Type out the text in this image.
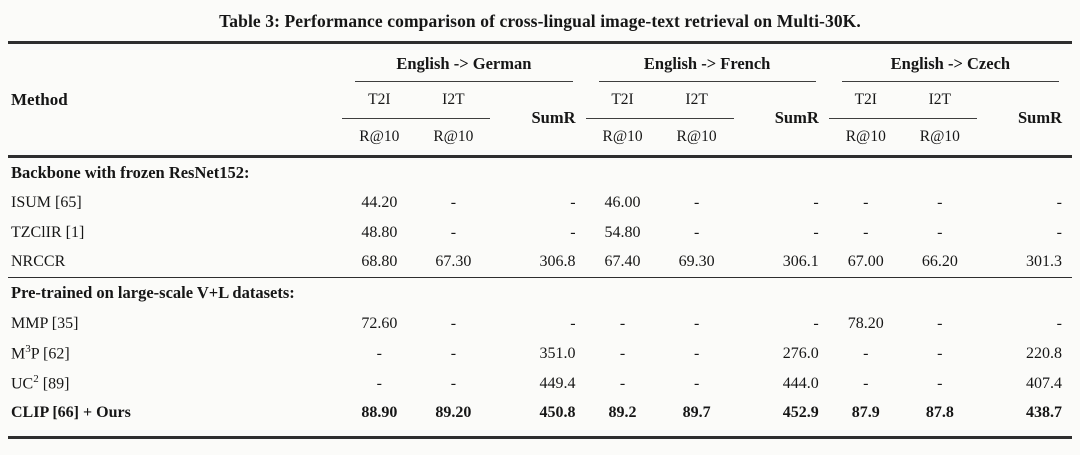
Table 3: Performance comparison of cross-lingual image-text retrieval on Multi-30K.
Method	English -> German			English -> French			English -> Czech		

	T2I	I2T	SumR	T2I	I2T	SumR	T2I	I2T	SumR
	R@10	R@10		R@10	R@10		R@10	R@10	
Backbone with frozen ResNet152:									
ISUM [65]	44.20	-	-	46.00	-	-	-	-	-
TZClIR [1]	48.80	-	-	54.80	-	-	-	-	-
NRCCR	68.80	67.30	306.8	67.40	69.30	306.1	67.00	66.20	301.3
Pre-trained on large-scale V+L datasets:									
MMP [35]	72.60	-	-	-	-	-	78.20	-	-
$M^3P$ [62]	-	-	351.0	-	-	276.0	-	-	220.8
$UC^2$ [89]	-	-	449.4	-	-	444.0	-	-	407.4
CLIP [66] + Ours	88.90	89.20	450.8	89.2	89.7	452.9	87.9	87.8	438.7
